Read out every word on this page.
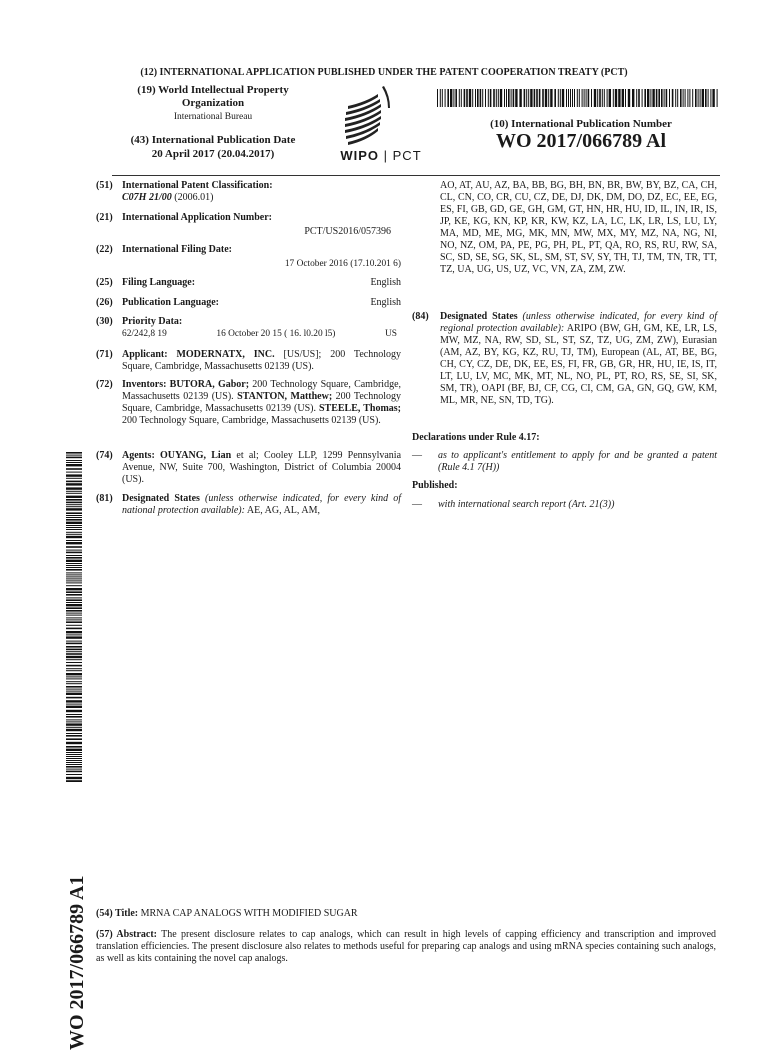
(12) INTERNATIONAL APPLICATION PUBLISHED UNDER THE PATENT COOPERATION TREATY (PCT)
(19) World Intellectual Property
Organization
International Bureau
(43) International Publication Date
20 April 2017 (20.04.2017)	WIPO | PCT
(10) International Publication Number
WO 2017/066789 Al
(51) International Patent Classification:
C07H 21/00 (2006.01)
(21) International Application Number:
PCT/US2016/057396
(22) International Filing Date:
17 October 2016 (17.10.201 6)
(25) Filing Language:	English
(26) Publication Language:	English
(30) Priority Data:
62/242,8 19	16 October 20 15 ( 16. l0.20 l5)	US
(71) Applicant: MODERNATX, INC. [US/US]; 200 Technology Square, Cambridge, Massachusetts 02139 (US).
(72) Inventors: BUTORA, Gabor; 200 Technology Square, Cambridge, Massachusetts 02139 (US). STANTON, Matthew; 200 Technology Square, Cambridge, Massachusetts 02139 (US). STEELE, Thomas; 200 Technology Square, Cambridge, Massachusetts 02139 (US).
(74) Agents: OUYANG, Lian et al; Cooley LLP, 1299 Pennsylvania Avenue, NW, Suite 700, Washington, District of Columbia 20004 (US).
(81) Designated States (unless otherwise indicated, for every kind of national protection available): AE, AG, AL, AM,
AO, AT, AU, AZ, BA, BB, BG, BH, BN, BR, BW, BY, BZ, CA, CH, CL, CN, CO, CR, CU, CZ, DE, DJ, DK, DM, DO, DZ, EC, EE, EG, ES, FI, GB, GD, GE, GH, GM, GT, HN, HR, HU, ID, IL, IN, IR, IS, JP, KE, KG, KN, KP, KR, KW, KZ, LA, LC, LK, LR, LS, LU, LY, MA, MD, ME, MG, MK, MN, MW, MX, MY, MZ, NA, NG, NI, NO, NZ, OM, PA, PE, PG, PH, PL, PT, QA, RO, RS, RU, RW, SA, SC, SD, SE, SG, SK, SL, SM, ST, SV, SY, TH, TJ, TM, TN, TR, TT, TZ, UA, UG, US, UZ, VC, VN, ZA, ZM, ZW.
(84) Designated States (unless otherwise indicated, for every kind of regional protection available): ARIPO (BW, GH, GM, KE, LR, LS, MW, MZ, NA, RW, SD, SL, ST, SZ, TZ, UG, ZM, ZW), Eurasian (AM, AZ, BY, KG, KZ, RU, TJ, TM), European (AL, AT, BE, BG, CH, CY, CZ, DE, DK, EE, ES, FI, FR, GB, GR, HR, HU, IE, IS, IT, LT, LU, LV, MC, MK, MT, NL, NO, PL, PT, RO, RS, SE, SI, SK, SM, TR), OAPI (BF, BJ, CF, CG, CI, CM, GA, GN, GQ, GW, KM, ML, MR, NE, SN, TD, TG).
Declarations under Rule 4.17:
— as to applicant's entitlement to apply for and be granted a patent (Rule 4.1 7(H))
Published:
— with international search report (Art. 21(3))
WO 2017/066789 A1 (54) Title: MRNA CAP ANALOGS WITH MODIFIED SUGAR
(57) Abstract: The present disclosure relates to cap analogs, which can result in high levels of capping efficiency and transcription and improved translation efficiencies. The present disclosure also relates to methods useful for preparing cap analogs and using mRNA species containing such analogs, as well as kits containing the novel cap analogs.
